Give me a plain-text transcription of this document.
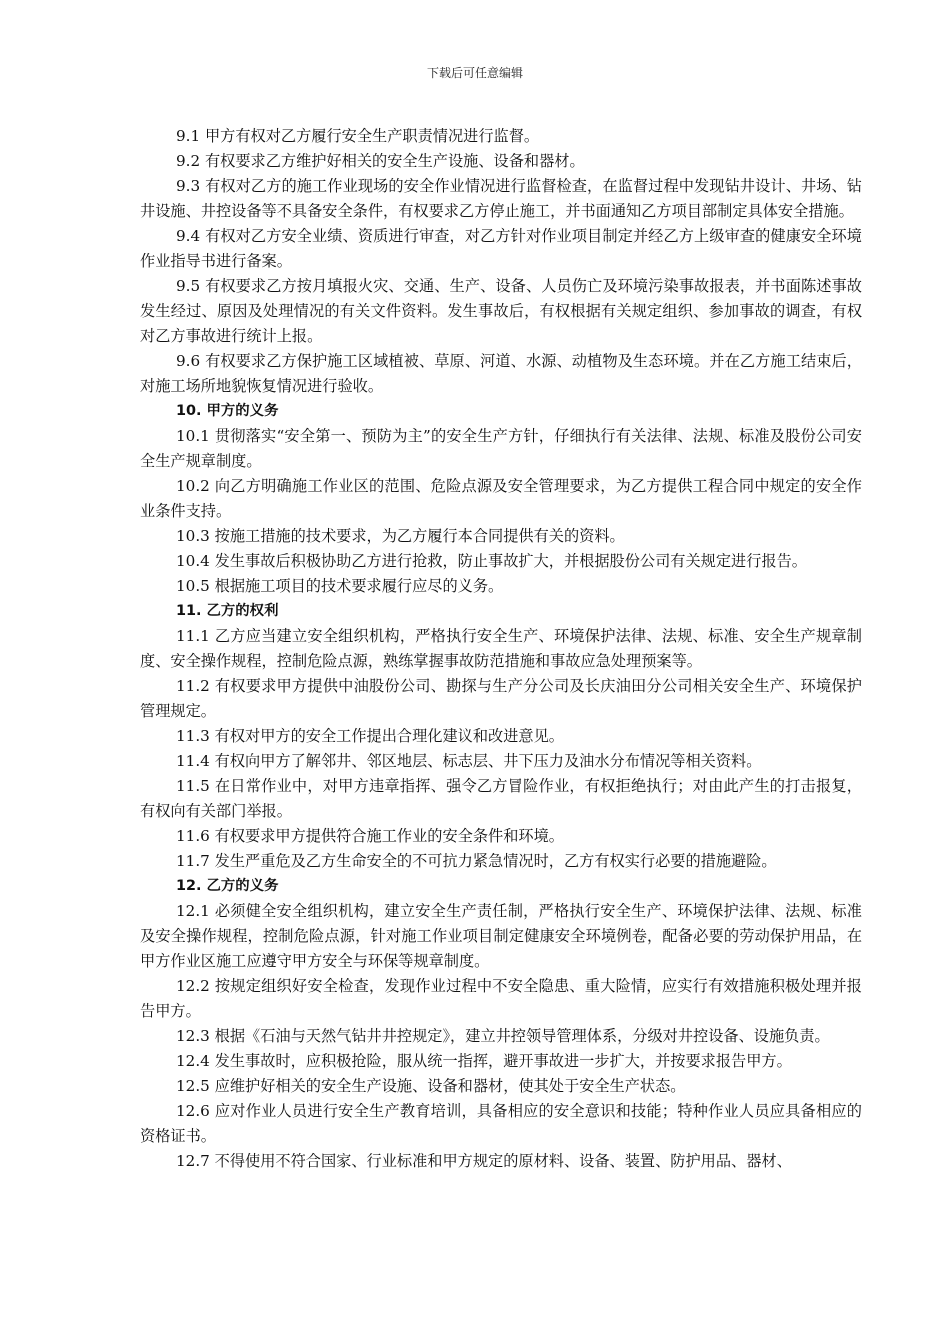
下载后可任意编辑

9.1 甲方有权对乙方履行安全生产职责情况进行监督。

9.2 有权要求乙方维护好相关的安全生产设施、设备和器材。

9.3 有权对乙方的施工作业现场的安全作业情况进行监督检查，在监督过程中发现钻井设计、井场、钻井设施、井控设备等不具备安全条件，有权要求乙方停止施工，并书面通知乙方项目部制定具体安全措施。

9.4 有权对乙方安全业绩、资质进行审查，对乙方针对作业项目制定并经乙方上级审查的健康安全环境作业指导书进行备案。

9.5 有权要求乙方按月填报火灾、交通、生产、设备、人员伤亡及环境污染事故报表，并书面陈述事故发生经过、原因及处理情况的有关文件资料。发生事故后，有权根据有关规定组织、参加事故的调查，有权对乙方事故进行统计上报。

9.6 有权要求乙方保护施工区域植被、草原、河道、水源、动植物及生态环境。并在乙方施工结束后，对施工场所地貌恢复情况进行验收。

10. 甲方的义务

10.1 贯彻落实“安全第一、预防为主”的安全生产方针，仔细执行有关法律、法规、标准及股份公司安全生产规章制度。

10.2 向乙方明确施工作业区的范围、危险点源及安全管理要求，为乙方提供工程合同中规定的安全作业条件支持。

10.3 按施工措施的技术要求，为乙方履行本合同提供有关的资料。

10.4 发生事故后积极协助乙方进行抢救，防止事故扩大，并根据股份公司有关规定进行报告。

10.5 根据施工项目的技术要求履行应尽的义务。

11. 乙方的权利

11.1 乙方应当建立安全组织机构，严格执行安全生产、环境保护法律、法规、标准、安全生产规章制度、安全操作规程，控制危险点源，熟练掌握事故防范措施和事故应急处理预案等。

11.2 有权要求甲方提供中油股份公司、勘探与生产分公司及长庆油田分公司相关安全生产、环境保护管理规定。

11.3 有权对甲方的安全工作提出合理化建议和改进意见。

11.4 有权向甲方了解邻井、邻区地层、标志层、井下压力及油水分布情况等相关资料。

11.5 在日常作业中，对甲方违章指挥、强令乙方冒险作业，有权拒绝执行；对由此产生的打击报复，有权向有关部门举报。

11.6 有权要求甲方提供符合施工作业的安全条件和环境。

11.7 发生严重危及乙方生命安全的不可抗力紧急情况时，乙方有权实行必要的措施避险。

12. 乙方的义务

12.1 必须健全安全组织机构，建立安全生产责任制，严格执行安全生产、环境保护法律、法规、标准及安全操作规程，控制危险点源，针对施工作业项目制定健康安全环境例卷，配备必要的劳动保护用品，在甲方作业区施工应遵守甲方安全与环保等规章制度。

12.2 按规定组织好安全检查，发现作业过程中不安全隐患、重大险情，应实行有效措施积极处理并报告甲方。

12.3 根据《石油与天然气钻井井控规定》，建立井控领导管理体系，分级对井控设备、设施负责。

12.4 发生事故时，应积极抢险，服从统一指挥，避开事故进一步扩大，并按要求报告甲方。

12.5 应维护好相关的安全生产设施、设备和器材，使其处于安全生产状态。

12.6 应对作业人员进行安全生产教育培训，具备相应的安全意识和技能；特种作业人员应具备相应的资格证书。

12.7 不得使用不符合国家、行业标准和甲方规定的原材料、设备、装置、防护用品、器材、
